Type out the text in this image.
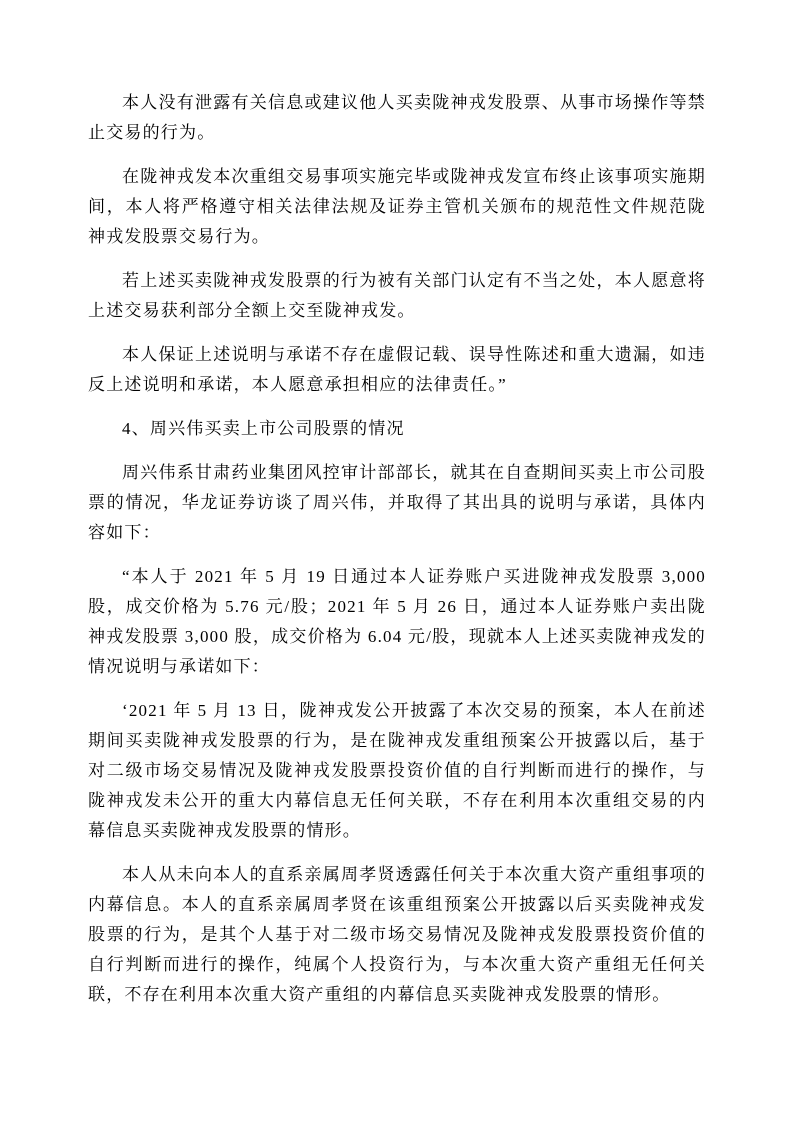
本人没有泄露有关信息或建议他人买卖陇神戎发股票、从事市场操作等禁止交易的行为。

在陇神戎发本次重组交易事项实施完毕或陇神戎发宣布终止该事项实施期间，本人将严格遵守相关法律法规及证券主管机关颁布的规范性文件规范陇神戎发股票交易行为。

若上述买卖陇神戎发股票的行为被有关部门认定有不当之处，本人愿意将上述交易获利部分全额上交至陇神戎发。

本人保证上述说明与承诺不存在虚假记载、误导性陈述和重大遗漏，如违反上述说明和承诺，本人愿意承担相应的法律责任。”

4、周兴伟买卖上市公司股票的情况

周兴伟系甘肃药业集团风控审计部部长，就其在自查期间买卖上市公司股票的情况，华龙证券访谈了周兴伟，并取得了其出具的说明与承诺，具体内容如下：

“本人于 2021 年 5 月 19 日通过本人证券账户买进陇神戎发股票 3,000 股，成交价格为 5.76 元/股；2021 年 5 月 26 日，通过本人证券账户卖出陇神戎发股票 3,000 股，成交价格为 6.04 元/股，现就本人上述买卖陇神戎发的情况说明与承诺如下：

‘2021 年 5 月 13 日，陇神戎发公开披露了本次交易的预案，本人在前述期间买卖陇神戎发股票的行为，是在陇神戎发重组预案公开披露以后，基于对二级市场交易情况及陇神戎发股票投资价值的自行判断而进行的操作，与陇神戎发未公开的重大内幕信息无任何关联，不存在利用本次重组交易的内幕信息买卖陇神戎发股票的情形。

本人从未向本人的直系亲属周孝贤透露任何关于本次重大资产重组事项的内幕信息。本人的直系亲属周孝贤在该重组预案公开披露以后买卖陇神戎发股票的行为，是其个人基于对二级市场交易情况及陇神戎发股票投资价值的自行判断而进行的操作，纯属个人投资行为，与本次重大资产重组无任何关联，不存在利用本次重大资产重组的内幕信息买卖陇神戎发股票的情形。
